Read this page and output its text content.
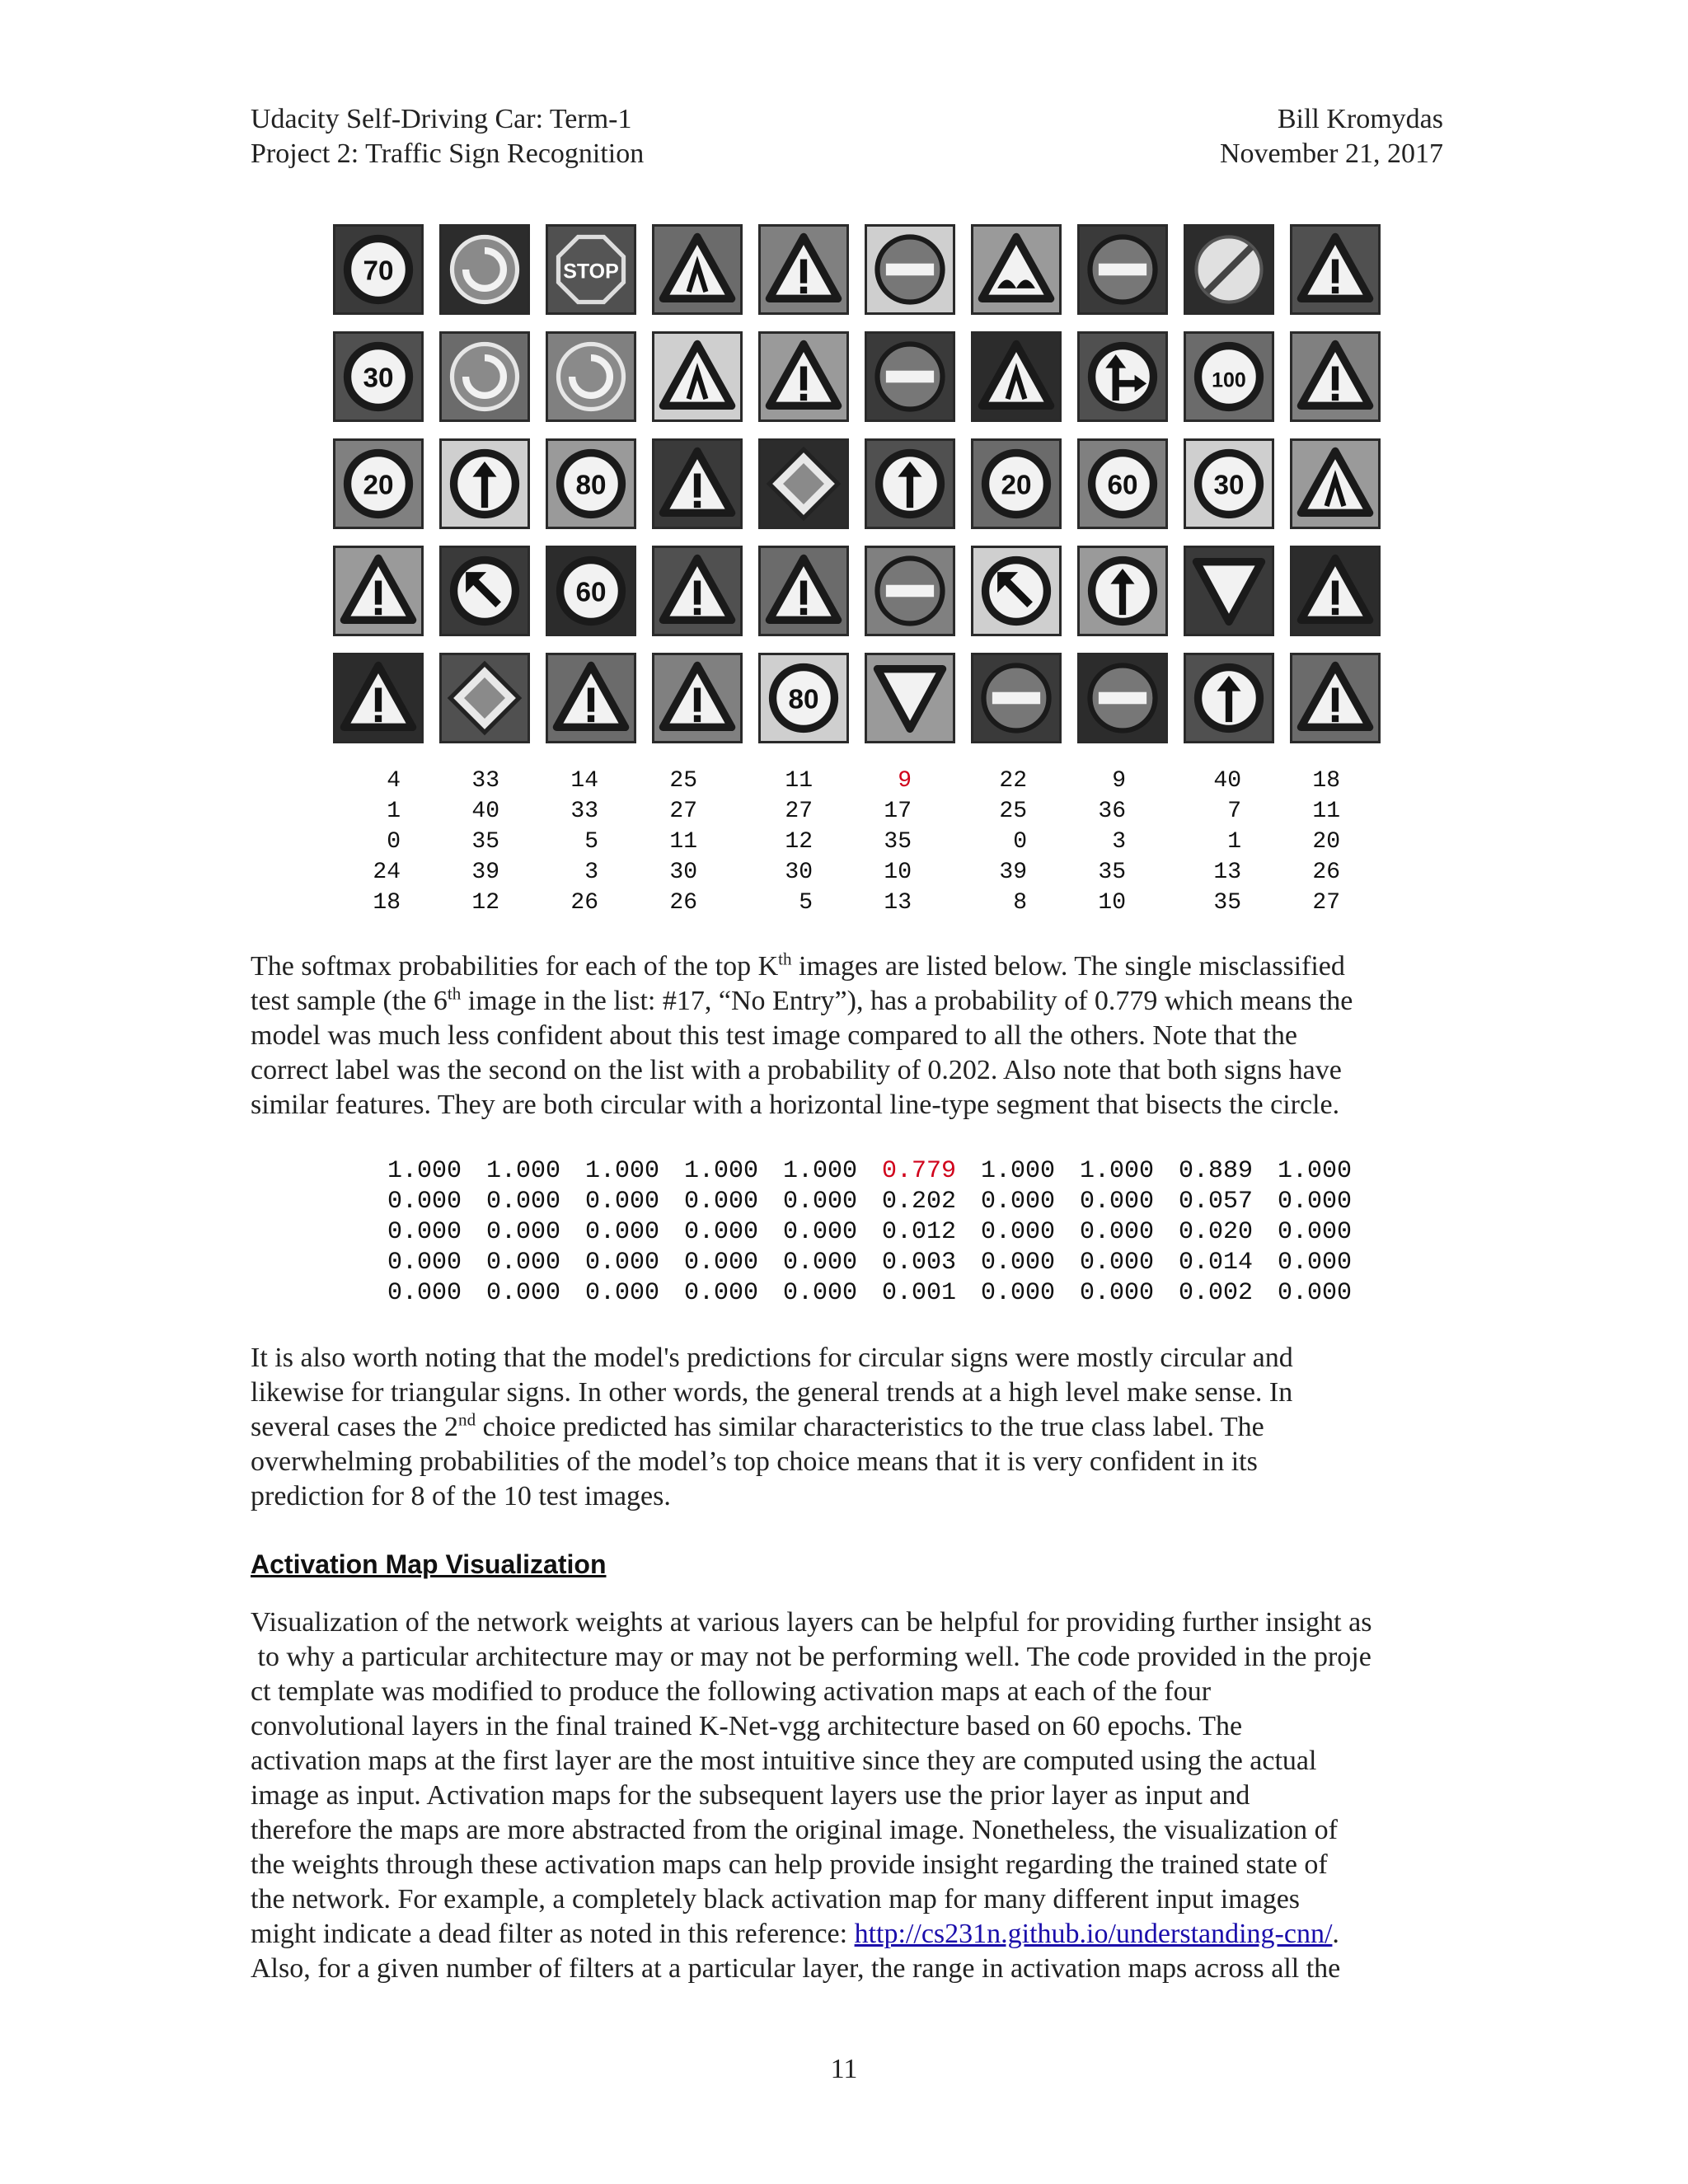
Udacity Self-Driving Car: Term-1
Project 2: Traffic Sign Recognition
Bill Kromydas
November 21, 2017
70	STOP
30	100
20	80	20	60	30
60
80
4	33	14	25	11	9	22	9	40	18
1	40	33	27	27	17	25	36	7	11
0	35	5	11	12	35	0	3	1	20
24	39	3	30	30	10	39	35	13	26
18	12	26	26	5	13	8	10	35	27
The softmax probabilities for each of the top $K^{th}$ images are listed below. The single misclassified
test sample (the 6th image in the list: #17, “No Entry”), has a probability of 0.779 which means the
model was much less confident about this test image compared to all the others. Note that the
correct label was the second on the list with a probability of 0.202. Also note that both signs have
similar features. They are both circular with a horizontal line-type segment that bisects the circle.
1.000 1.000 1.000 1.000 1.000 0.779 1.000 1.000 0.889 1.000
0.000 0.000 0.000 0.000 0.000 0.202 0.000 0.000 0.057 0.000
0.000 0.000 0.000 0.000 0.000 0.012 0.000 0.000 0.020 0.000
0.000 0.000 0.000 0.000 0.000 0.003 0.000 0.000 0.014 0.000
0.000 0.000 0.000 0.000 0.000 0.001 0.000 0.000 0.002 0.000
It is also worth noting that the model's predictions for circular signs were mostly circular and
likewise for triangular signs. In other words, the general trends at a high level make sense. In
several cases the 2nd choice predicted has similar characteristics to the true class label. The
overwhelming probabilities of the model’s top choice means that it is very confident in its
prediction for 8 of the 10 test images.
Activation Map Visualization
Visualization of the network weights at various layers can be helpful for providing further insight as
to why a particular architecture may or may not be performing well. The code provided in the proje
ct template was modified to produce the following activation maps at each of the four
convolutional layers in the final trained K-Net-vgg architecture based on 60 epochs. The
activation maps at the first layer are the most intuitive since they are computed using the actual
image as input. Activation maps for the subsequent layers use the prior layer as input and
therefore the maps are more abstracted from the original image. Nonetheless, the visualization of
the weights through these activation maps can help provide insight regarding the trained state of
the network. For example, a completely black activation map for many different input images
might indicate a dead filter as noted in this reference: http://cs231n.github.io/understanding-cnn/.
Also, for a given number of filters at a particular layer, the range in activation maps across all the
11
